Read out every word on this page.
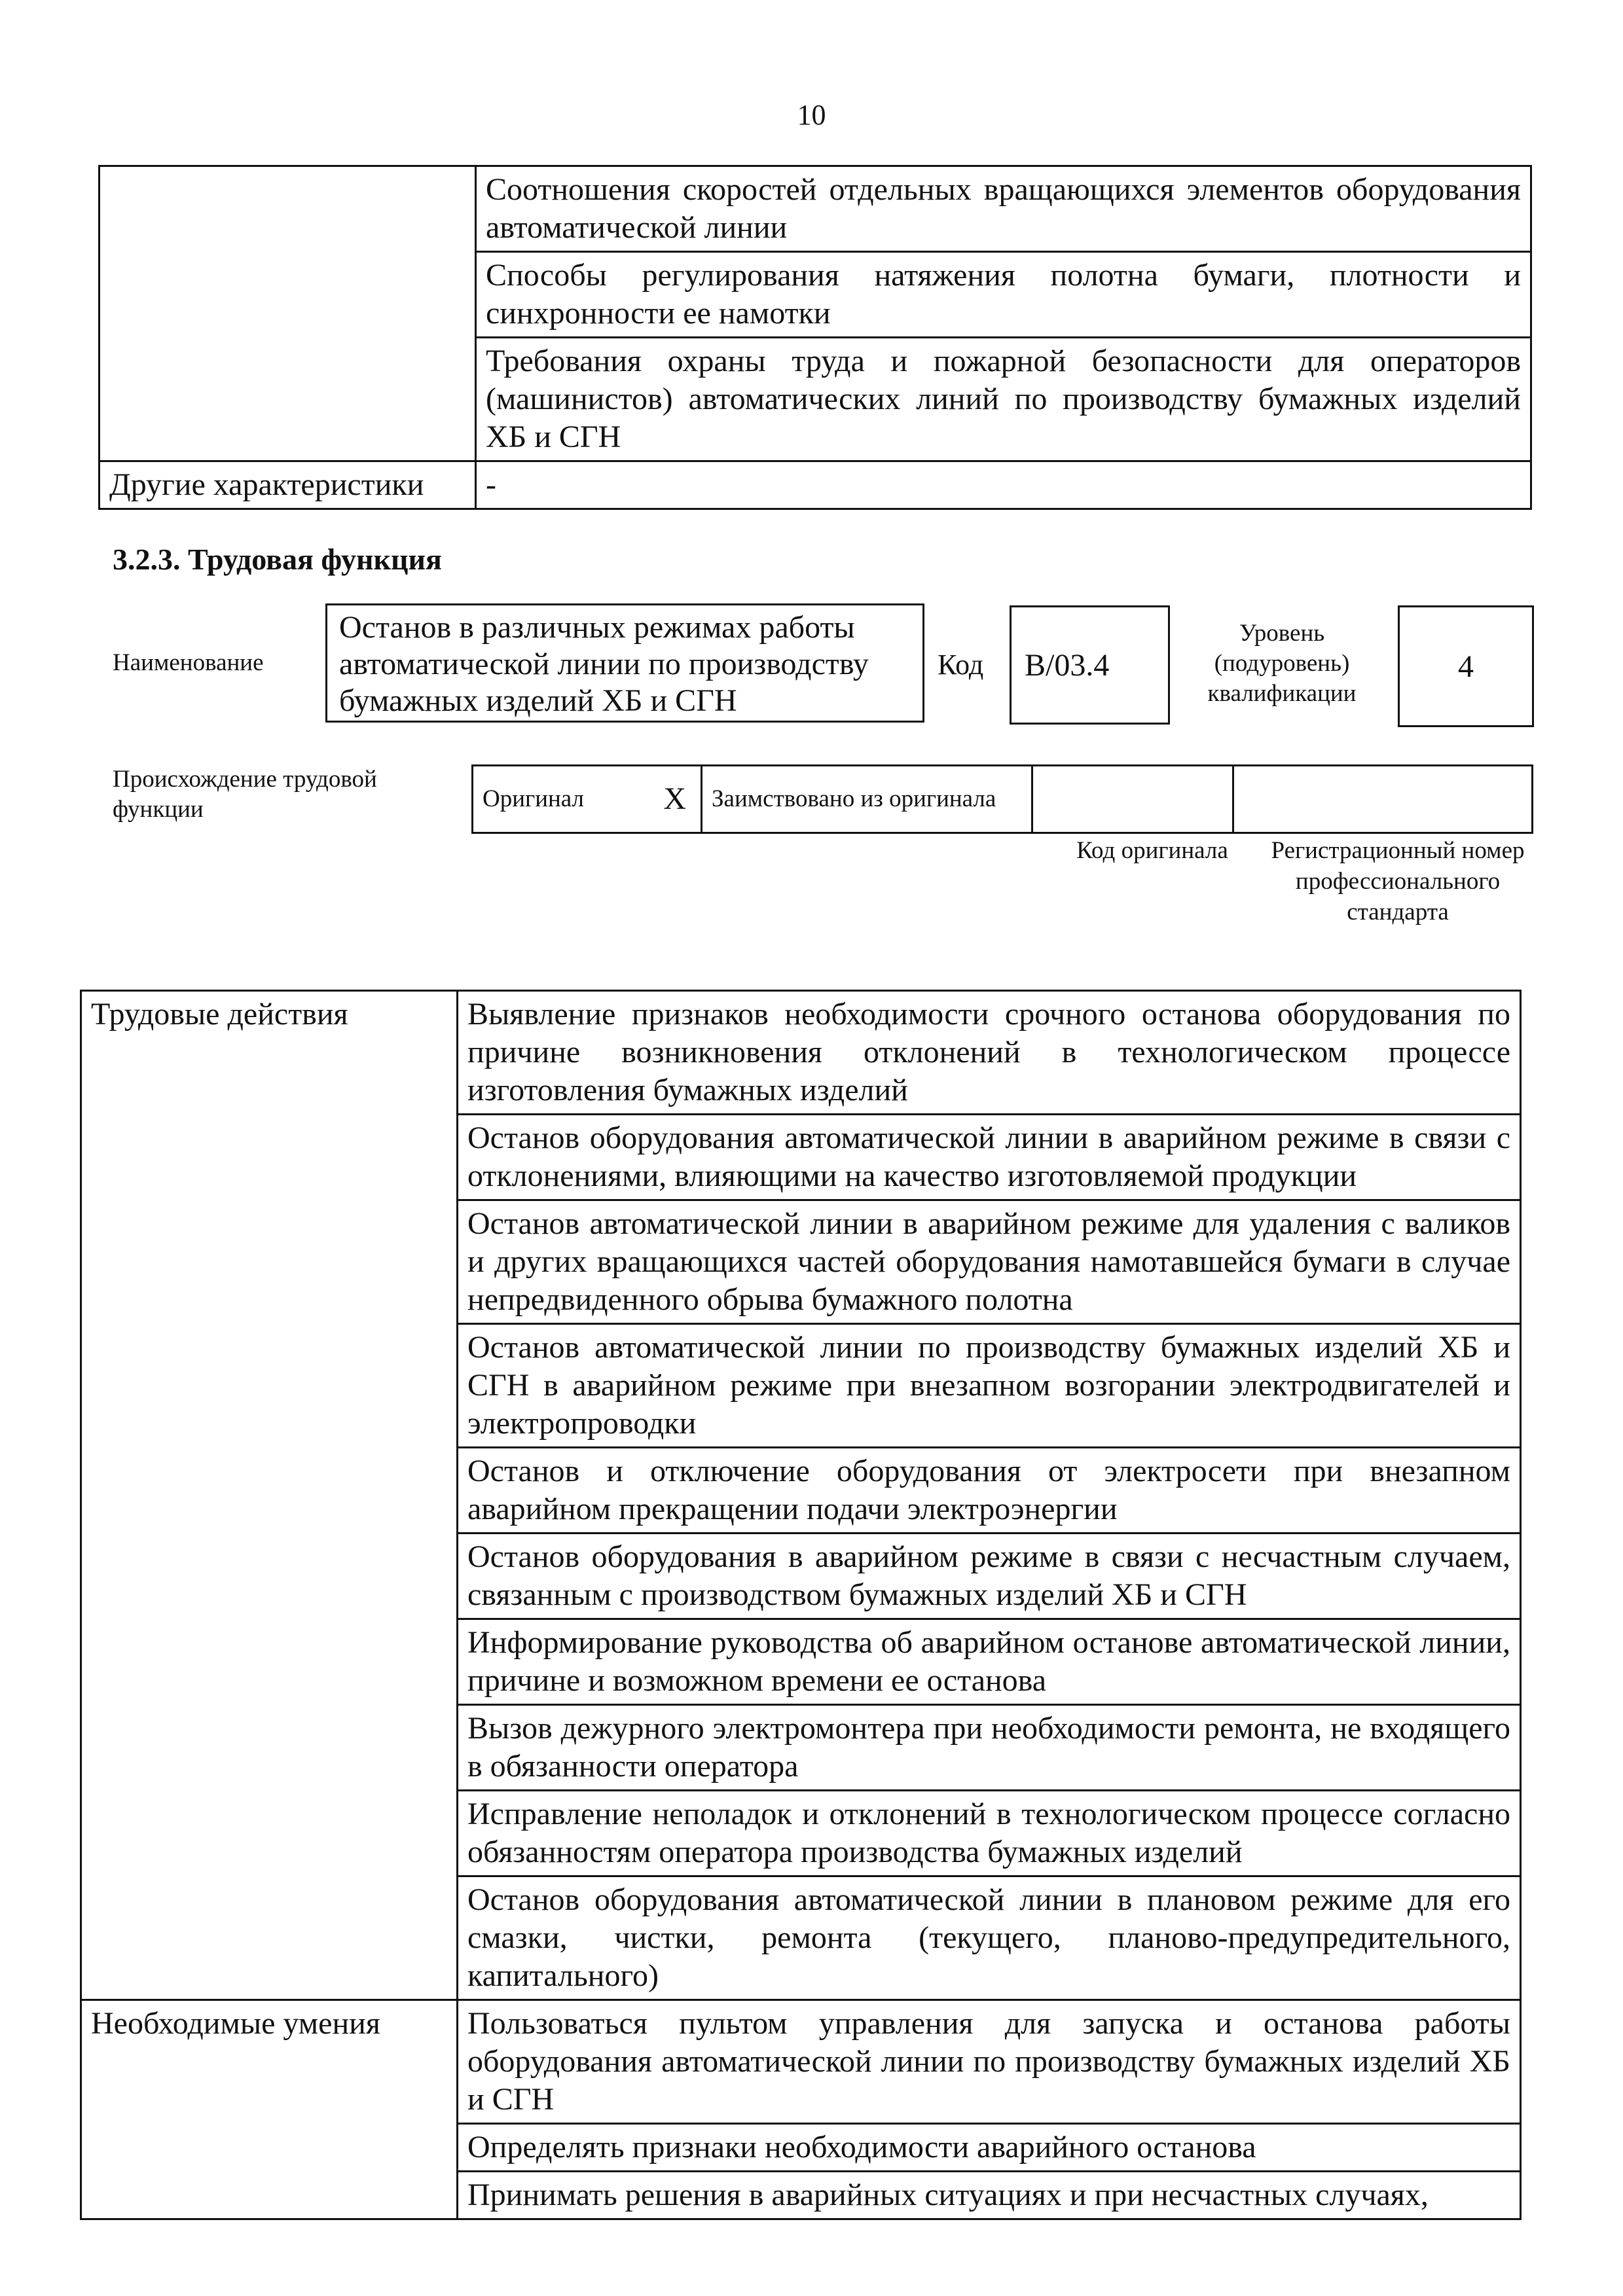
10
	Соотношения скоростей отдельных вращающихся элементов оборудования автоматической линии
	Способы регулирования натяжения полотна бумаги, плотности и синхронности ее намотки
	Требования охраны труда и пожарной безопасности для операторов (машинистов) автоматических линий по производству бумажных изделий ХБ и СГН
Другие характеристики	-
3.2.3. Трудовая функция
Наименование
Останов в различных режимах работы автоматической линии по производству бумажных изделий ХБ и СГН
Код B/03.4
Уровень (подуровень) квалификации
4
Происхождение трудовой функции	Оригинал	Х	Заимствовано из оригинала		
Код оригинала	Регистрационный номер профессионального стандарта
Трудовые действия	Выявление признаков необходимости срочного останова оборудования по причине возникновения отклонений в технологическом процессе изготовления бумажных изделий
	Останов оборудования автоматической линии в аварийном режиме в связи с отклонениями, влияющими на качество изготовляемой продукции
	Останов автоматической линии в аварийном режиме для удаления с валиков и других вращающихся частей оборудования намотавшейся бумаги в случае непредвиденного обрыва бумажного полотна
	Останов автоматической линии по производству бумажных изделий ХБ и СГН в аварийном режиме при внезапном возгорании электродвигателей и электропроводки
	Останов и отключение оборудования от электросети при внезапном аварийном прекращении подачи электроэнергии
	Останов оборудования в аварийном режиме в связи с несчастным случаем, связанным с производством бумажных изделий ХБ и СГН
	Информирование руководства об аварийном останове автоматической линии, причине и возможном времени ее останова
	Вызов дежурного электромонтера при необходимости ремонта, не входящего в обязанности оператора
	Исправление неполадок и отклонений в технологическом процессе согласно обязанностям оператора производства бумажных изделий
	Останов оборудования автоматической линии в плановом режиме для его смазки, чистки, ремонта (текущего, планово-предупредительного, капитального)
Необходимые умения	Пользоваться пультом управления для запуска и останова работы оборудования автоматической линии по производству бумажных изделий ХБ и СГН
	Определять признаки необходимости аварийного останова
	Принимать решения в аварийных ситуациях и при несчастных случаях,
